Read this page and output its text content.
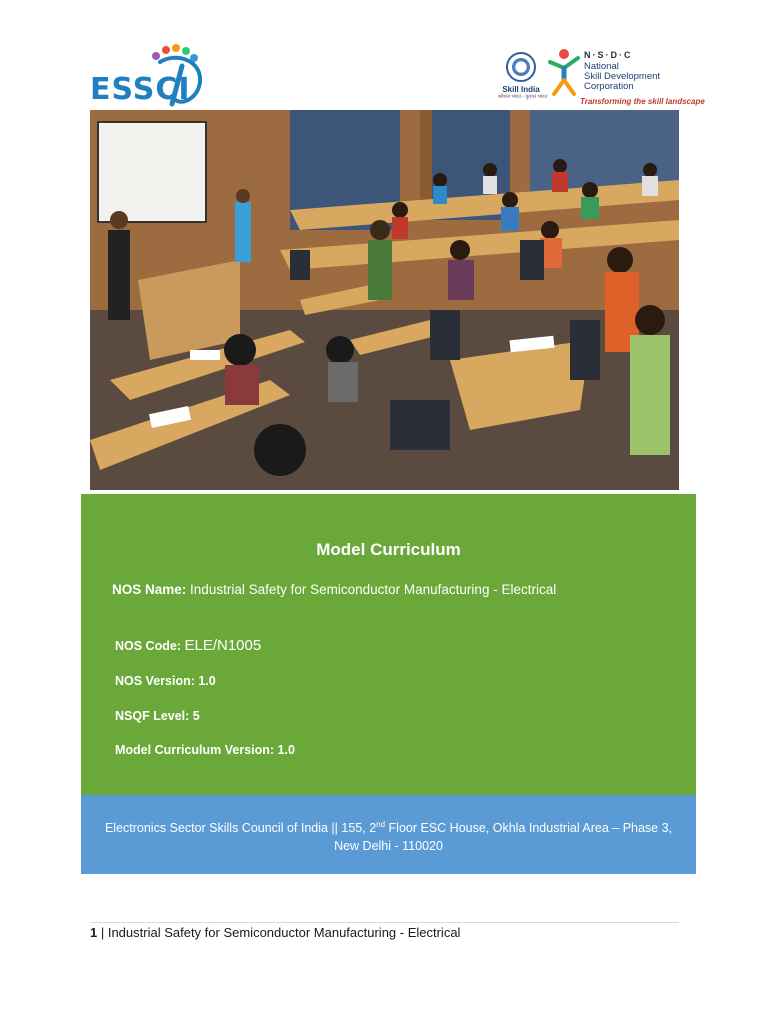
ESSCI	Skill India
कौशल भारत - कुशल भारत
N·S·D·C
National
Skill Development
Corporation
Transforming the skill landscape
Model Curriculum
NOS Name: Industrial Safety for Semiconductor Manufacturing - Electrical
NOS Code: ELE/N1005
NOS Version: 1.0
NSQF Level: 5
Model Curriculum Version: 1.0
Electronics Sector Skills Council of India || 155, 2nd Floor ESC House, Okhla Industrial Area – Phase 3,
New Delhi - 110020
1 | Industrial Safety for Semiconductor Manufacturing - Electrical
